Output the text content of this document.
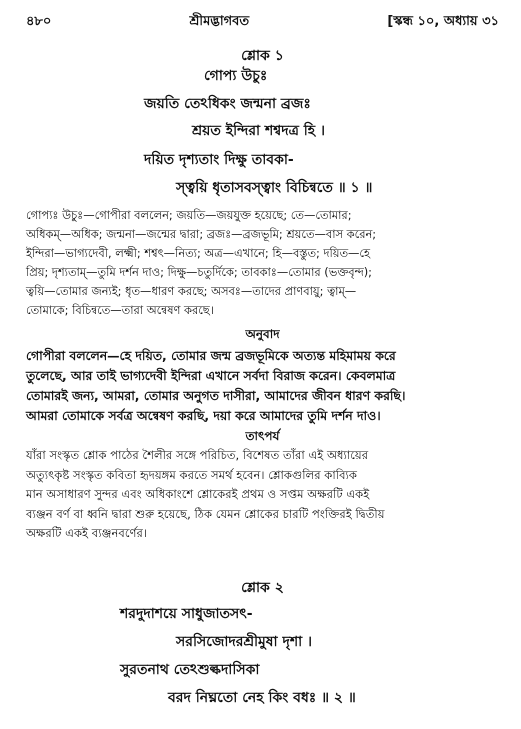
৪৮০	শ্রীমদ্ভাগবত	[স্কন্ধ ১০, অধ্যায় ৩১
শ্লোক ১
গোপ্য উচুঃ
জয়তি তেঽধিকং জন্মনা ব্রজঃ
শ্রয়ত ইন্দিরা শশ্বদত্র হি ।
দয়িত দৃশ্যতাং দিক্ষু তাবকা-
স্ত্বয়ি ধৃতাসবস্ত্বাং বিচিন্বতে ॥ ১ ॥
গোপ্যঃ উচুঃ—গোপীরা বললেন; জয়তি—জয়যুক্ত হয়েছে; তে—তোমার;
অধিকম্—অধিক; জন্মনা—জন্মের দ্বারা; ব্রজঃ—ব্রজভূমি; শ্রয়তে—বাস করেন;
ইন্দিরা—ভাগ্যদেবী, লক্ষ্মী; শশ্বৎ—নিত্য; অত্র—এখানে; হি—বস্তুত; দয়িত—হে
প্রিয়; দৃশ্যতাম্—তুমি দর্শন দাও; দিক্ষু—চতুর্দিকে; তাবকাঃ—তোমার (ভক্তবৃন্দ);
ত্বয়ি—তোমার জন্যই; ধৃত—ধারণ করছে; অসবঃ—তাদের প্রাণবায়ু; ত্বাম্—
তোমাকে; বিচিন্বতে—তারা অন্বেষণ করছে।
অনুবাদ
গোপীরা বললেন—হে দয়িত, তোমার জন্ম ব্রজভূমিকে অত্যন্ত মহিমাময় করে
তুলেছে, আর তাই ভাগ্যদেবী ইন্দিরা এখানে সর্বদা বিরাজ করেন। কেবলমাত্র
তোমারই জন্য, আমরা, তোমার অনুগত দাসীরা, আমাদের জীবন ধারণ করছি।
আমরা তোমাকে সর্বত্র অন্বেষণ করছি, দয়া করে আমাদের তুমি দর্শন দাও।
তাৎপর্য
যাঁরা সংস্কৃত শ্লোক পাঠের শৈলীর সঙ্গে পরিচিত, বিশেষত তাঁরা এই অধ্যায়ের
অত্যুৎকৃষ্ট সংস্কৃত কবিতা হৃদয়ঙ্গম করতে সমর্থ হবেন। শ্লোকগুলির কাব্যিক
মান অসাধারণ সুন্দর এবং অধিকাংশে শ্লোকেরই প্রথম ও সপ্তম অক্ষরটি একই
ব্যঞ্জন বর্ণ বা ধ্বনি দ্বারা শুরু হয়েছে, ঠিক যেমন শ্লোকের চারটি পংক্তিরই দ্বিতীয়
অক্ষরটি একই ব্যঞ্জনবর্ণের।
শ্লোক ২
শরদুদাশয়ে সাধুজাতসৎ-
সরসিজোদরশ্রীমুষা দৃশা ।
সুরতনাথ তেঽশুল্কদাসিকা
বরদ নিঘ্নতো নেহ কিং বধঃ ॥ ২ ॥
